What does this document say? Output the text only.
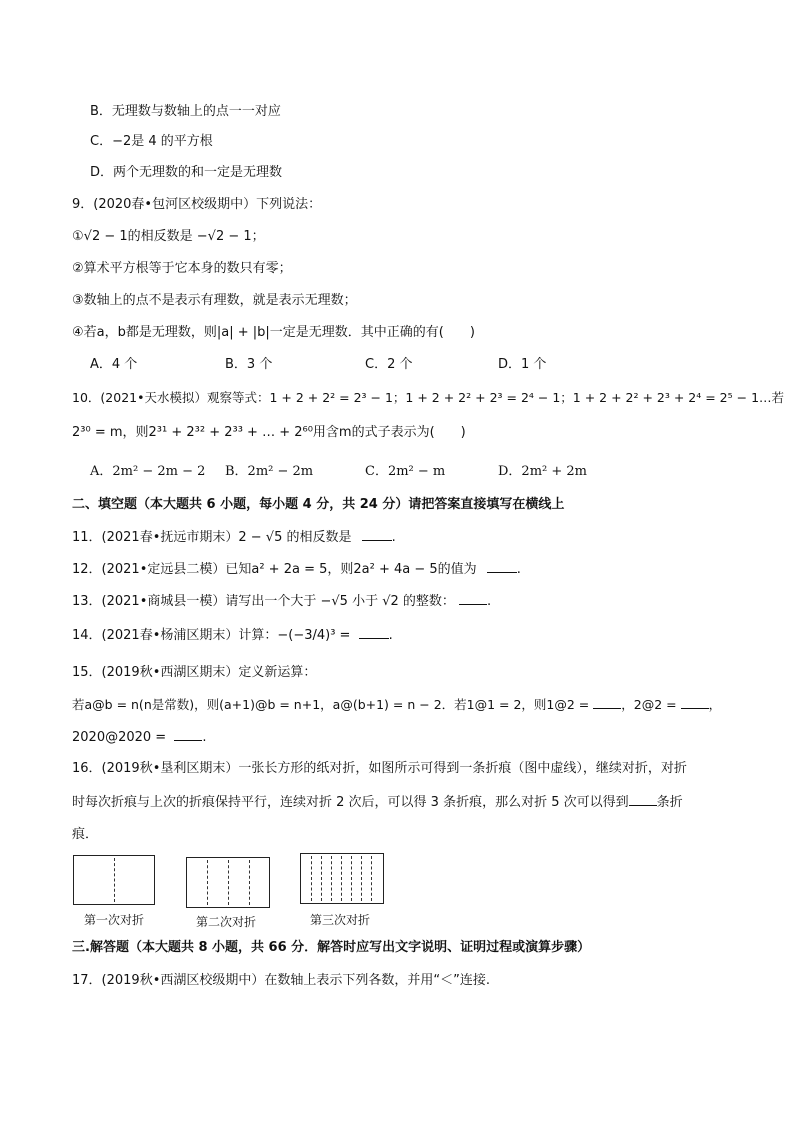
B．无理数与数轴上的点一一对应
C．−2是 4 的平方根
D．两个无理数的和一定是无理数
9．(2020春•包河区校级期中）下列说法：
①√2 − 1的相反数是 −√2 − 1；
②算术平方根等于它本身的数只有零；
③数轴上的点不是表示有理数，就是表示无理数；
④若a，b都是无理数，则|a| + |b|一定是无理数．其中正确的有(　　)
A．4 个	B．3 个	C．2 个	D．1 个
10．(2021•天水模拟）观察等式：1 + 2 + 2² = 2³ − 1；1 + 2 + 2² + 2³ = 2⁴ − 1；1 + 2 + 2² + 2³ + 2⁴ = 2⁵ − 1…若
2³⁰ = m，则2³¹ + 2³² + 2³³ + … + 2⁶⁰用含m的式子表示为(　　)
A．2m² − 2m − 2 B．2m² − 2m	C．2m² − m	D．2m² + 2m
二、填空题（本大题共 6 小题，每小题 4 分，共 24 分）请把答案直接填写在横线上
11．(2021春•抚远市期末）2 − √5 的相反数是	.
12．(2021•定远县二模）已知a² + 2a = 5，则2a² + 4a − 5的值为	.
13．(2021•商城县一模）请写出一个大于 −√5 小于 √2 的整数： .
14．(2021春•杨浦区期末）计算：−(−3/4)³ =	.
15．(2019秋•西湖区期末）定义新运算：
若a@b = n(n是常数)，则(a+1)@b = n+1，a@(b+1) = n − 2．若1@1 = 2，则1@2 =	，2@2 =	，
2020@2020 =	.
16．(2019秋•垦利区期末）一张长方形的纸对折，如图所示可得到一条折痕（图中虚线），继续对折，对折
时每次折痕与上次的折痕保持平行，连续对折 2 次后，可以得 3 条折痕，那么对折 5 次可以得到 条折
痕．
第一次对折	第二次对折	第三次对折
三.解答题（本大题共 8 小题，共 66 分．解答时应写出文字说明、证明过程或演算步骤）
17．(2019秋•西湖区校级期中）在数轴上表示下列各数，并用“＜”连接.
